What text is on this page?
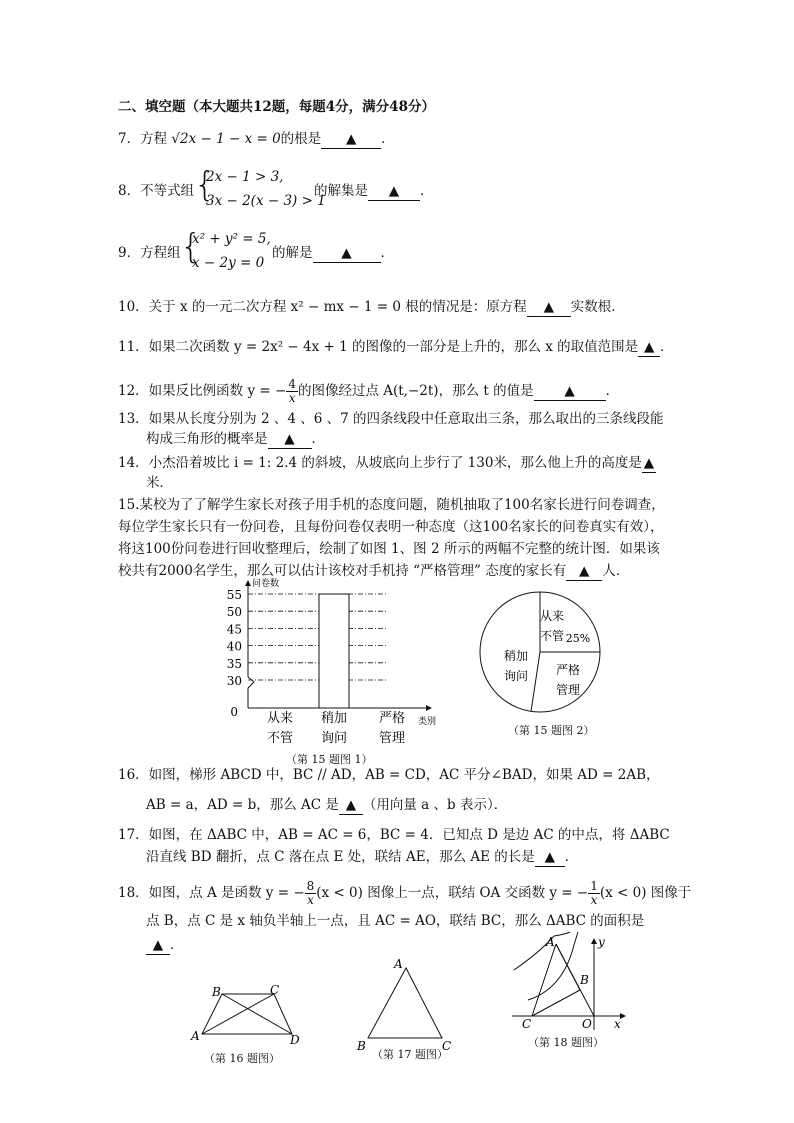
二、填空题（本大题共12题，每题4分，满分48分）
7．方程 √2x − 1 − x = 0的根是 ▲ ．
8．不等式组 {
2x − 1 > 3,
3x − 2(x − 3) > 1
的解集是 ▲ ．
9．方程组 {
x² + y² = 5,
x − 2y = 0
的解是 ▲ ．
10．关于 x 的一元二次方程 x² − mx − 1 = 0 根的情况是：原方程 ▲ 实数根．
11．如果二次函数 y = 2x² − 4x + 1 的图像的一部分是上升的，那么 x 的取值范围是 ▲ ．
12．如果反比例函数 y = − $\frac{4}{x}$ 的图像经过点 A(t,−2t)，那么 t 的值是 ▲ ．
13．如果从长度分别为 2 、4 、6 、7 的四条线段中任意取出三条，那么取出的三条线段能
构成三角形的概率是 ▲ ．
14．小杰沿着坡比 i = 1: 2.4 的斜坡，从坡底向上步行了 130米，那么他上升的高度是 ▲
米．
15.某校为了了解学生家长对孩子用手机的态度问题，随机抽取了100名家长进行问卷调查，
每位学生家长只有一份问卷，且每份问卷仅表明一种态度（这100名家长的问卷真实有效），
将这100份问卷进行回收整理后，绘制了如图 1、图 2 所示的两幅不完整的统计图．如果该
校共有2000名学生，那么可以估计该校对手机持 “严格管理” 态度的家长有 ▲ 人．
问卷数
类别
0
30
35
40
45
50
55
从来
不管
稍加
询问
严格
管理
（第 15 题图 1）
从来
不管
稍加
询问 严格
管理
25%
（第 15 题图 2）
16．如图，梯形 ABCD 中，BC // AD，AB = CD，AC 平分∠BAD，如果 AD = 2AB，
AB = a，AD = b，那么 AC 是 ▲ （用向量 a 、b 表示）．
17．如图，在 ΔABC 中，AB = AC = 6，BC = 4．已知点 D 是边 AC 的中点，将 ΔABC
沿直线 BD 翻折，点 C 落在点 E 处，联结 AE，那么 AE 的长是 ▲ ．
18．如图，点 A 是函数 y = − $\frac{8}{x} (x < 0)$ 图像上一点，联结 OA 交函数 y = − $\frac{1}{x} (x < 0)$ 图像于
点 B，点 C 是 x 轴负半轴上一点，且 AC = AO，联结 BC，那么 ΔABC 的面积是
▲ ．
A
B	C
D
（第 16 题图）
A
B	C
（第 17 题图）
A
B
C	O x
y
（第 18 题图）
